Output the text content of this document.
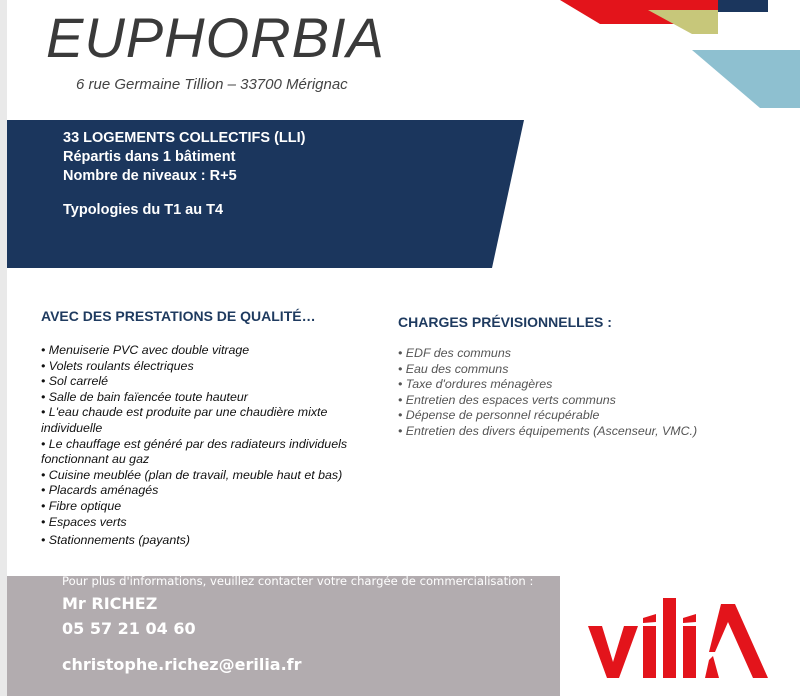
EUPHORBIA
6 rue Germaine Tillion – 33700 Mérignac
33 LOGEMENTS COLLECTIFS (LLI)
Répartis dans 1 bâtiment
Nombre de niveaux : R+5
Typologies du T1 au T4
AVEC DES PRESTATIONS DE QUALITÉ…
• Menuiserie PVC avec double vitrage
• Volets roulants électriques
• Sol carrelé
• Salle de bain faïencée toute hauteur
• L'eau chaude est produite par une chaudière mixte individuelle
• Le chauffage est généré par des radiateurs individuels fonctionnant au gaz
• Cuisine meublée (plan de travail, meuble haut et bas)
• Placards aménagés
• Fibre optique
• Espaces verts
• Stationnements (payants)
CHARGES PRÉVISIONNELLES :
• EDF des communs
• Eau des communs
• Taxe d'ordures ménagères
• Entretien des espaces verts communs
• Dépense de personnel récupérable
• Entretien des divers équipements (Ascenseur, VMC.)
Pour plus d'informations, veuillez contacter votre chargée de commercialisation :
Mr RICHEZ
05 57 21 04 60
christophe.richez@erilia.fr
vilia
